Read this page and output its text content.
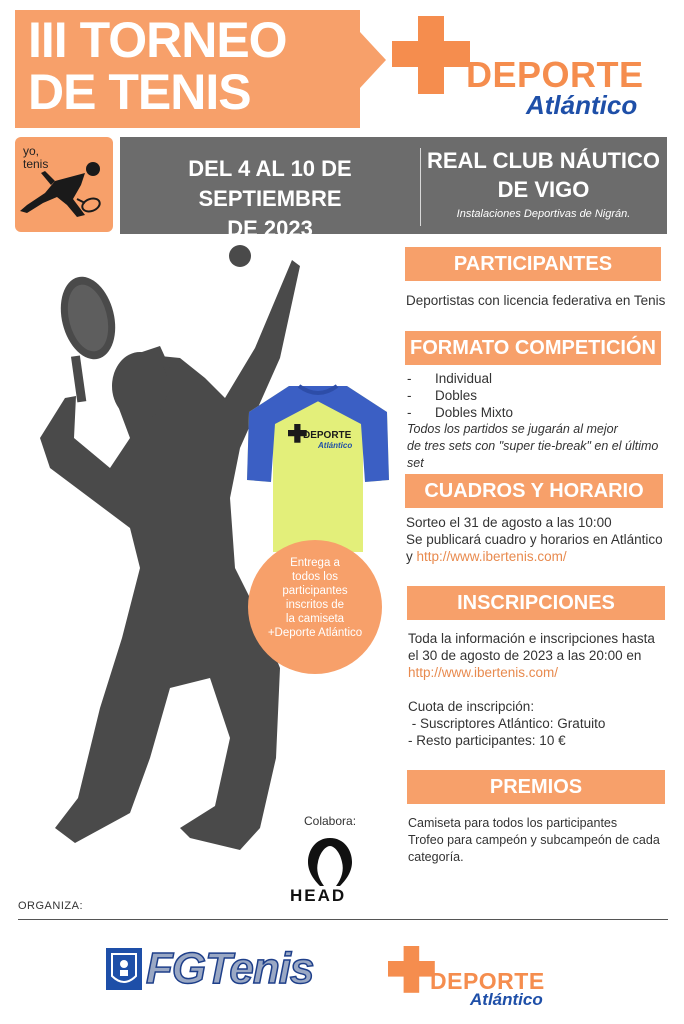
III TORNEO
DE TENIS	DEPORTE
Atlántico
yo,
tenis	DEL 4 AL 10 DE SEPTIEMBRE
DE 2023
REAL CLUB NÁUTICO
DE VIGO
Instalaciones Deportivas de Nigrán.
DEPORTE
Atlántico
Entrega a
todos los
participantes
inscritos de
la camiseta
+Deporte Atlántico
PARTICIPANTES
Deportistas con licencia federativa en Tenis
FORMATO COMPETICIÓN
-	Individual
-	Dobles
-	Dobles Mixto
Todos los partidos se jugarán al mejor
de tres sets con "super tie-break" en el último set
CUADROS Y HORARIO
Sorteo el 31 de agosto a las 10:00
Se publicará cuadro y horarios en Atlántico
y http://www.ibertenis.com/
INSCRIPCIONES
Toda la información e inscripciones hasta
el 30 de agosto de 2023 a las 20:00 en
http://www.ibertenis.com/
Cuota de inscripción:
- Suscriptores Atlántico: Gratuito
- Resto participantes: 10 €
PREMIOS
Camiseta para todos los participantes
Trofeo para campeón y subcampeón de cada
categoría.
Colabora:
HEAD
ORGANIZA:
FGTenis	DEPORTE
Atlántico
